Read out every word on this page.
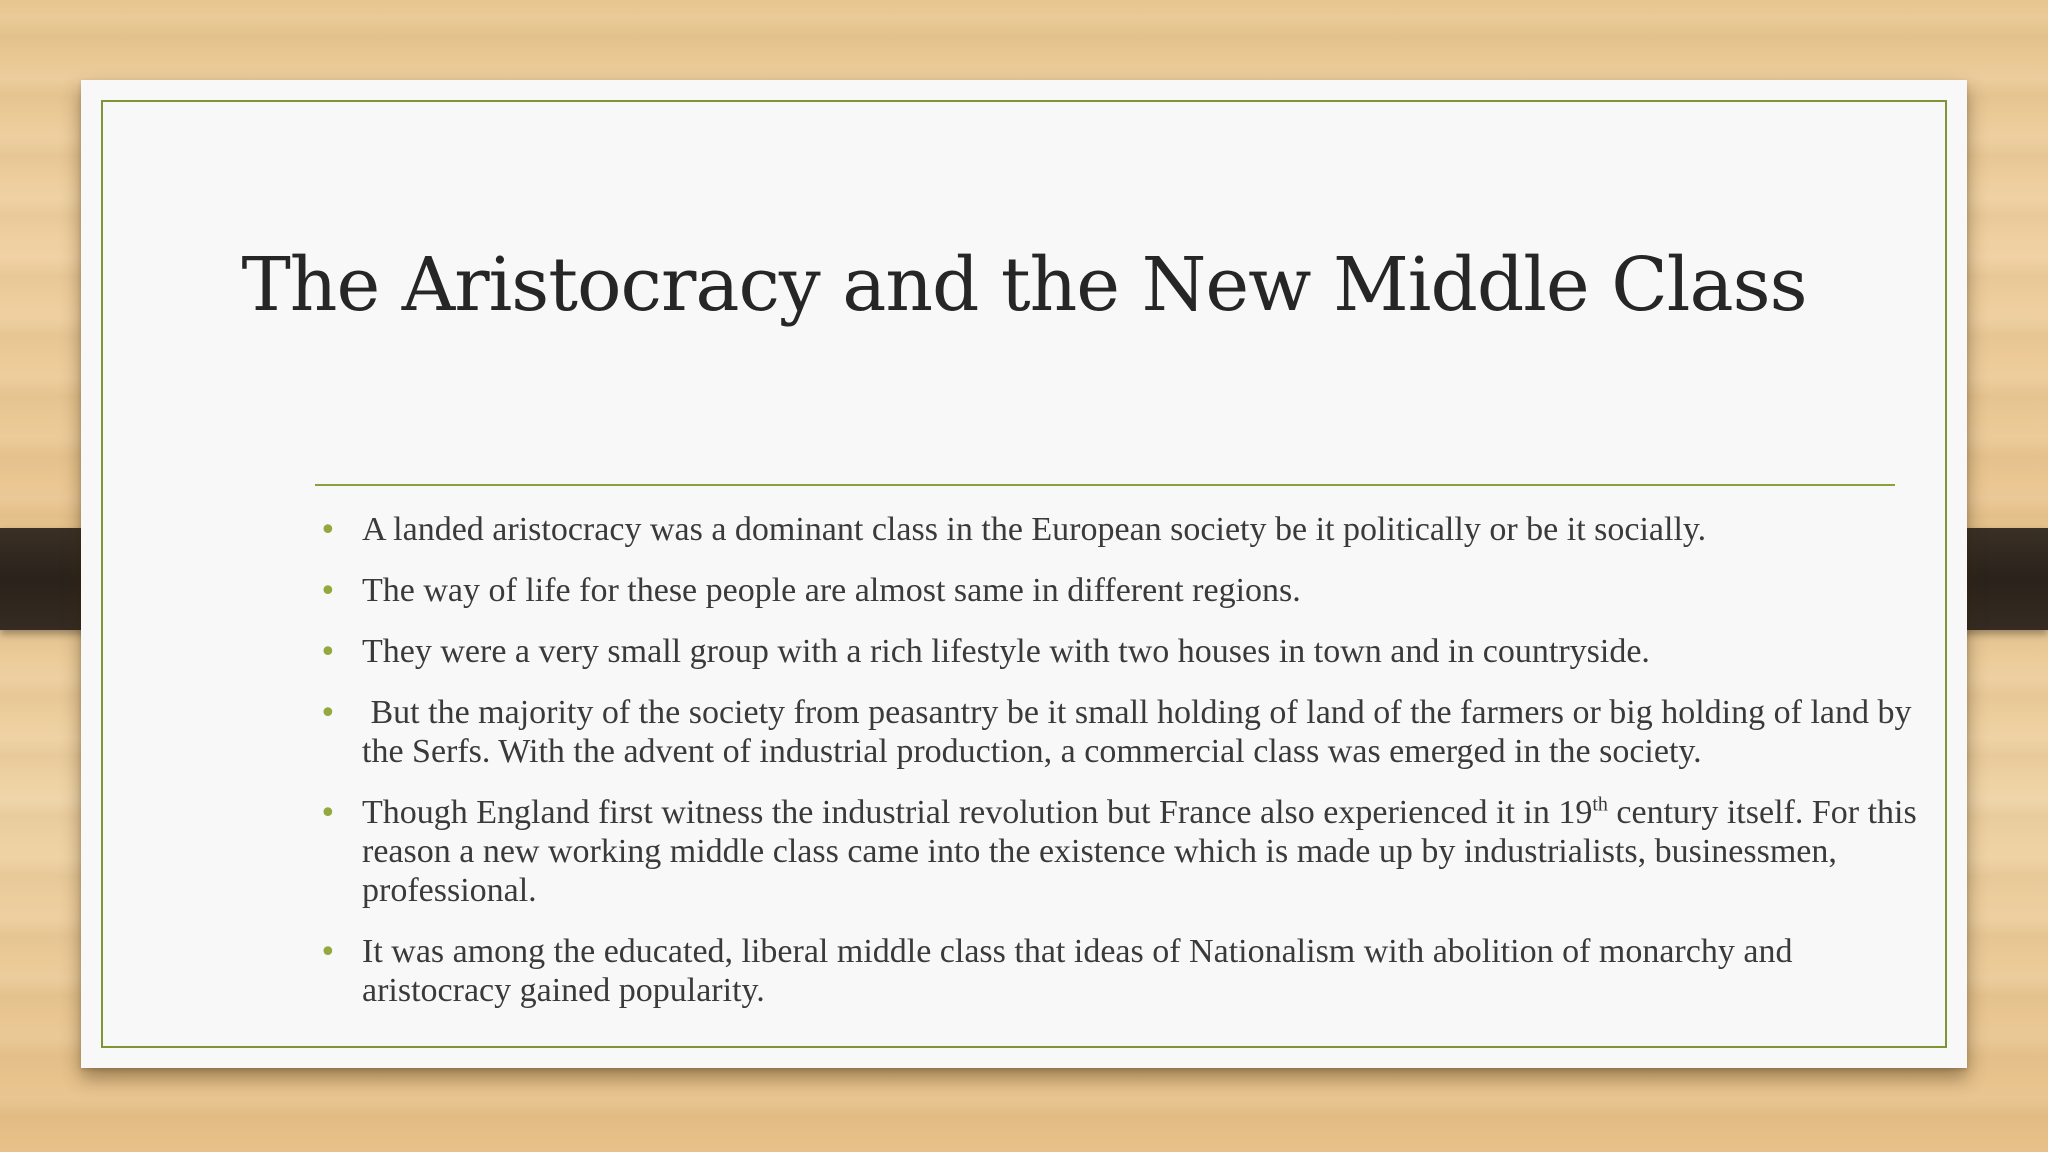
The Aristocracy and the New Middle Class
• A landed aristocracy was a dominant class in the European society be it politically or be it socially.
• The way of life for these people are almost same in different regions.
• They were a very small group with a rich lifestyle with two houses in town and in countryside.
• But the majority of the society from peasantry be it small holding of land of the farmers or big holding of land by the Serfs. With the advent of industrial production, a commercial class was emerged in the society.
• Though England first witness the industrial revolution but France also experienced it in 19th century itself. For this reason a new working middle class came into the existence which is made up by industrialists, businessmen, professional.
• It was among the educated, liberal middle class that ideas of Nationalism with abolition of monarchy and aristocracy gained popularity.
